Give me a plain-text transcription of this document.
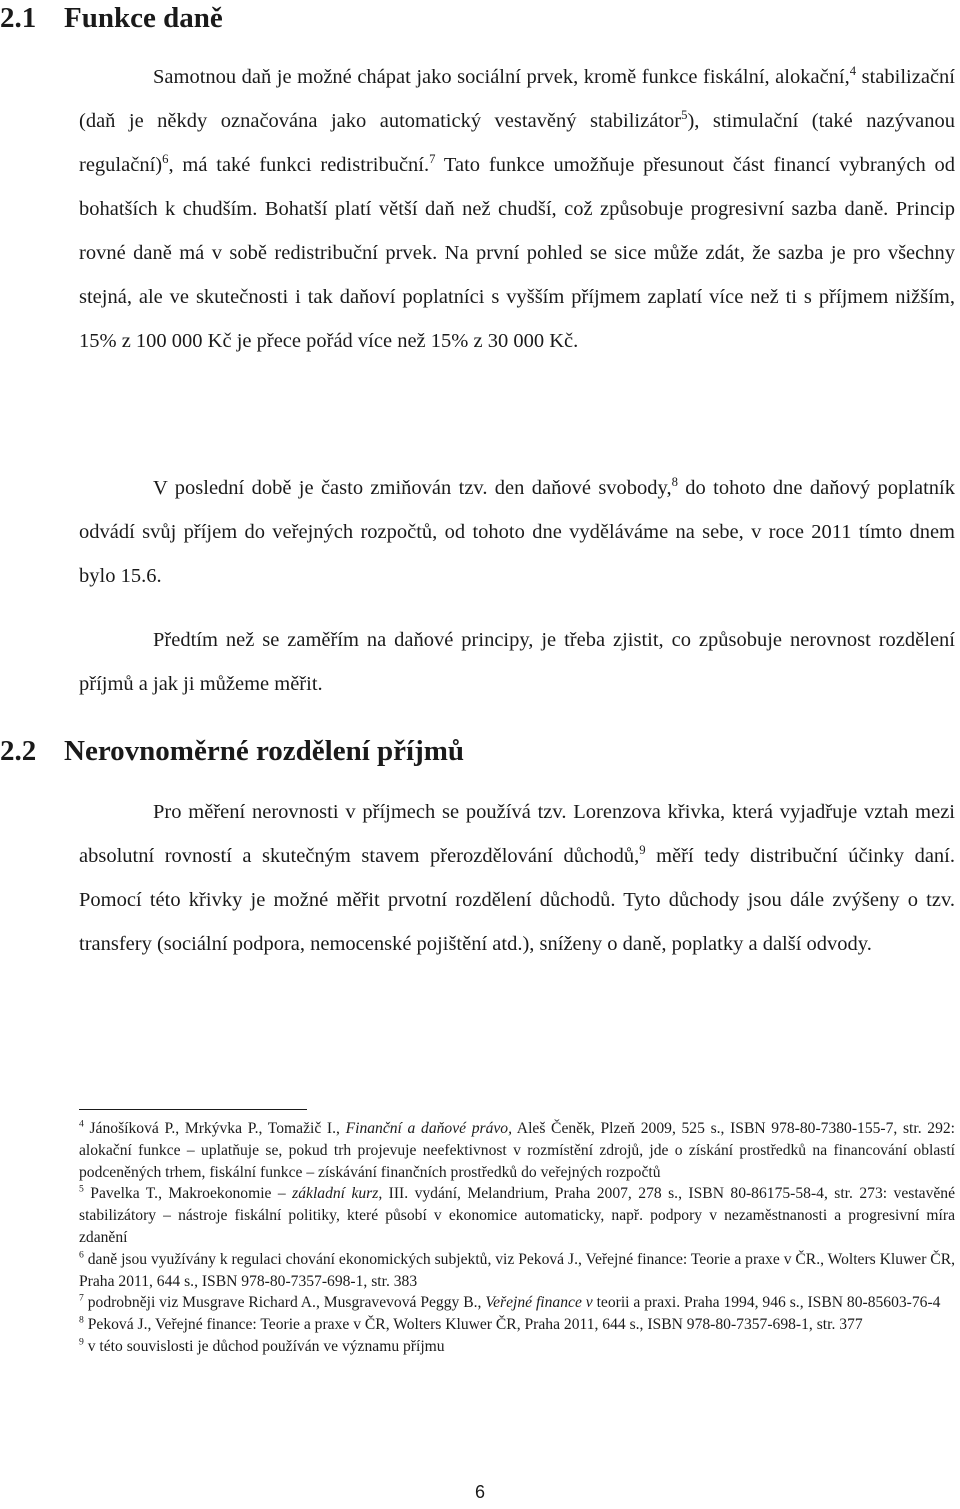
2.1 Funkce daně

Samotnou daň je možné chápat jako sociální prvek, kromě funkce fiskální, alokační,$^4$ stabilizační (daň je někdy označována jako automatický vestavěný stabilizátor$^5$), stimulační (také nazývanou regulační)$^6$, má také funkci redistribuční.$^7$ Tato funkce umožňuje přesunout část financí vybraných od bohatších k chudším. Bohatší platí větší daň než chudší, což způsobuje progresivní sazba daně. Princip rovné daně má v sobě redistribuční prvek. Na první pohled se sice může zdát, že sazba je pro všechny stejná, ale ve skutečnosti i tak daňoví poplatníci s vyšším příjmem zaplatí více než ti s příjmem nižším, 15% z 100 000 Kč je přece pořád více než 15% z 30 000 Kč.

V poslední době je často zmiňován tzv. den daňové svobody,$^8$ do tohoto dne daňový poplatník odvádí svůj příjem do veřejných rozpočtů, od tohoto dne vyděláváme na sebe, v roce 2011 tímto dnem bylo 15.6.

Předtím než se zaměřím na daňové principy, je třeba zjistit, co způsobuje nerovnost rozdělení příjmů a jak ji můžeme měřit.

2.2 Nerovnoměrné rozdělení příjmů

Pro měření nerovnosti v příjmech se používá tzv. Lorenzova křivka, která vyjadřuje vztah mezi absolutní rovností a skutečným stavem přerozdělování důchodů,$^9$ měří tedy distribuční účinky daní. Pomocí této křivky je možné měřit prvotní rozdělení důchodů. Tyto důchody jsou dále zvýšeny o tzv. transfery (sociální podpora, nemocenské pojištění atd.), sníženy o daně, poplatky a další odvody.

$^4$ Jánošíková P., Mrkývka P., Tomažič I., Finanční a daňové právo, Aleš Čeněk, Plzeň 2009, 525 s., ISBN 978-80-7380-155-7, str. 292: alokační funkce – uplatňuje se, pokud trh projevuje neefektivnost v rozmístění zdrojů, jde o získání prostředků na financování oblastí podceněných trhem, fiskální funkce – získávání finančních prostředků do veřejných rozpočtů

$^5$ Pavelka T., Makroekonomie – základní kurz, III. vydání, Melandrium, Praha 2007, 278 s., ISBN 80-86175-58-4, str. 273: vestavěné stabilizátory – nástroje fiskální politiky, které působí v ekonomice automaticky, např. podpory v nezaměstnanosti a progresivní míra zdanění

$^6$ daně jsou využívány k regulaci chování ekonomických subjektů, viz Peková J., Veřejné finance: Teorie a praxe v ČR., Wolters Kluwer ČR, Praha 2011, 644 s., ISBN 978-80-7357-698-1, str. 383

$^7$ podrobněji viz Musgrave Richard A., Musgravevová Peggy B., Veřejné finance v teorii a praxi. Praha 1994, 946 s., ISBN 80-85603-76-4

$^8$ Peková J., Veřejné finance: Teorie a praxe v ČR, Wolters Kluwer ČR, Praha 2011, 644 s., ISBN 978-80-7357-698-1, str. 377

$^9$ v této souvislosti je důchod používán ve významu příjmu

6
